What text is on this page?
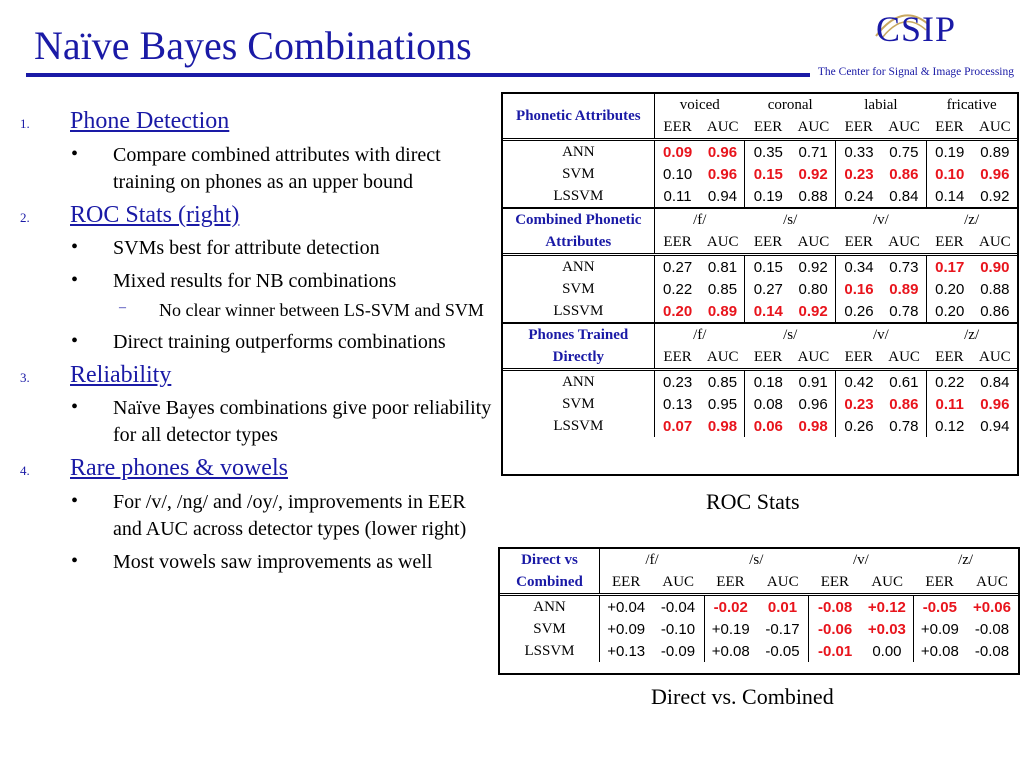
Naïve Bayes Combinations	CSIP
The Center for Signal & Image Processing
1. Phone Detection
• Compare combined attributes with direct training on phones as an upper bound
2. ROC Stats (right)
• SVMs best for attribute detection
• Mixed results for NB combinations
– No clear winner between LS-SVM and SVM
• Direct training outperforms combinations
3. Reliability
• Naïve Bayes combinations give poor reliability for all detector types
4. Rare phones & vowels
• For /v/, /ng/ and /oy/, improvements in EER and AUC across detector types (lower right)
• Most vowels saw improvements as well
Phonetic Attributes	voiced		coronal		labial		fricative	
	EER	AUC	EER	AUC	EER	AUC	EER	AUC
ANN	0.09	0.96	0.35	0.71	0.33	0.75	0.19	0.89
SVM	0.10	0.96	0.15	0.92	0.23	0.86	0.10	0.96
LSSVM	0.11	0.94	0.19	0.88	0.24	0.84	0.14	0.92
Combined Phonetic Attributes	/f/		/s/		/v/		/z/	
	EER	AUC	EER	AUC	EER	AUC	EER	AUC
ANN	0.27	0.81	0.15	0.92	0.34	0.73	0.17	0.90
SVM	0.22	0.85	0.27	0.80	0.16	0.89	0.20	0.88
LSSVM	0.20	0.89	0.14	0.92	0.26	0.78	0.20	0.86
Phones Trained Directly	/f/		/s/		/v/		/z/	
	EER	AUC	EER	AUC	EER	AUC	EER	AUC
ANN	0.23	0.85	0.18	0.91	0.42	0.61	0.22	0.84
SVM	0.13	0.95	0.08	0.96	0.23	0.86	0.11	0.96
LSSVM	0.07	0.98	0.06	0.98	0.26	0.78	0.12	0.94
ROC Stats
Direct vs Combined	/f/		/s/		/v/		/z/	
	EER	AUC	EER	AUC	EER	AUC	EER	AUC
ANN	+0.04	-0.04	-0.02	0.01	-0.08	+0.12	-0.05	+0.06
SVM	+0.09	-0.10	+0.19	-0.17	-0.06	+0.03	+0.09	-0.08
LSSVM	+0.13	-0.09	+0.08	-0.05	-0.01	0.00	+0.08	-0.08
Direct vs. Combined
